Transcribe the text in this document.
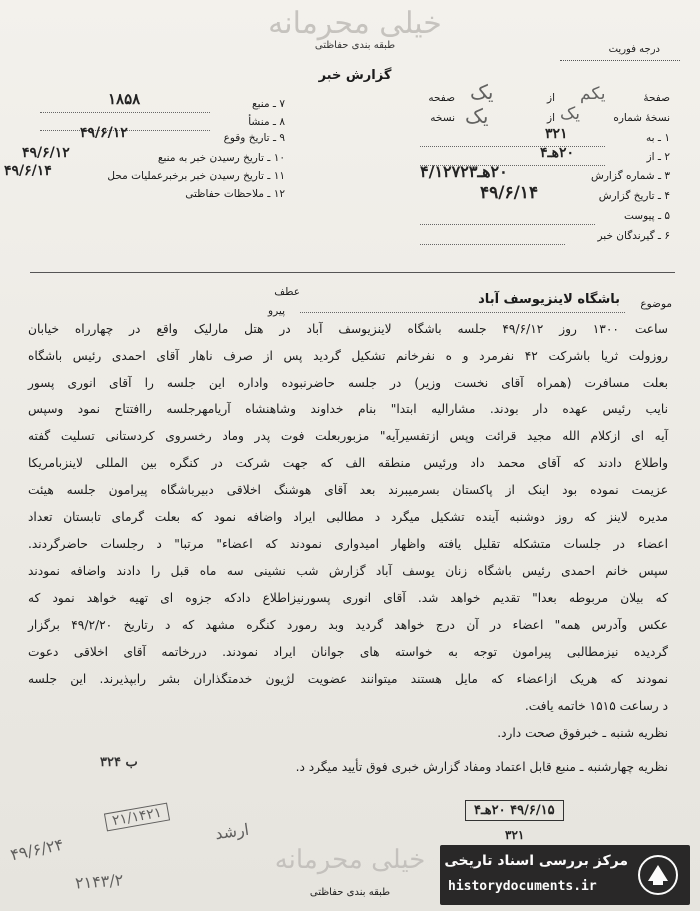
خیلی محرمانه
طبقه بندی حفاظتی
گزارش خبر
درجه فوریت
۷ ـ منبع
۱۸۵۸
۸ ـ منشأ
۹ ـ تاریخ وقوع
۴۹/۶/۱۲
۱۰ ـ تاریخ رسیدن خبر به منبع
۴۹/۶/۱۲
۱۱ ـ تاریخ رسیدن خبر برخبرعملیات محل
۴۹/۶/۱۴
۱۲ ـ ملاحظات حفاظتی
صفحهٔ
یکم
از
یک
صفحه
نسخهٔ شماره
یک
از
یک
نسخه
۱ ـ به
۳۲۱
۲ ـ از
۲۰هـ۴
۳ ـ شماره گزارش
۲۰هـ۴/۱۲۷۲۳
۴ ـ تاریخ گزارش
۴۹/۶/۱۴
۵ ـ پیوست
۶ ـ گیرندگان خبر
عطف
پیرو
موضوع
باشگاه لاینزیوسف آباد
ساعت ۱۳۰۰ روز ۴۹/۶/۱۲ جلسه باشگاه لاینزیوسف آباد در هتل مارلیک واقع در چهارراه خیابان
روزولت ثریا باشرکت ۴۲ نفرمرد و ه نفرخانم تشکیل گردید پس از صرف ناهار آقای احمدی رئیس باشگاه
بعلت مسافرت (همراه آقای نخست وزیر) در جلسه حاضرنبوده واداره این جلسه را آقای انوری پسور
نایب رئیس عهده دار بودند. مشارالیه ابتدا" بنام خداوند وشاهنشاه آریامهرجلسه راافتتاح نمود وسپس
آیه ای ازکلام الله مجید قرائت وپس ازتفسیرآیه" مزبوربعلت فوت پدر وماد رخسروی کردستانی تسلیت گفته
واطلاع دادند که آقای محمد داد ورئیس منطقه الف که جهت شرکت در کنگره بین المللی لاینزبامریکا
عزیمت نموده بود اینک از پاکستان بسرمیبرند بعد آقای هوشنگ اخلاقی دبیرباشگاه پیرامون جلسه هیئت
مدیره لاینز که روز دوشنبه آینده تشکیل میگرد د مطالبی ایراد واضافه نمود که بعلت گرمای تابستان تعداد
اعضاء در جلسات متشکله تقلیل یافته واظهار امیدواری نمودند که اعضاء" مرتبا" د رجلسات حاضرگردند.
سپس خانم احمدی رئیس باشگاه زنان یوسف آباد گزارش شب نشینی سه ماه قبل را دادند واضافه نمودند
که بیلان مربوطه بعدا" تقدیم خواهد شد. آقای انوری پسورنیزاطلاع دادکه جزوه ای تهیه خواهد نمود که
عکس وآدرس همه" اعضاء در آن درج خواهد گردید وبد رمورد کنگره مشهد که د رتاریخ ۴۹/۲/۲۰ برگزار
گردیده نیزمطالبی پیرامون توجه به خواسته های جوانان ایراد نمودند. دررخاتمه آقای اخلاقی دعوت
نمودند که هریک ازاعضاء که مایل هستند میتوانند عضویت لژیون خدمتگذاران بشر رابپذیرند. این جلسه
د رساعت ۱۵۱۵ خاتمه یافت.
نظریه شنبه ـ خبرفوق صحت دارد.
نظریه چهارشنبه ـ منبع قابل اعتماد ومفاد گزارش خبری فوق تأیید میگرد د.
ب ۳۲۴
۴۹/۶/۱۵ ۲۰هـ۴
۳۲۱
۲۱/۱۴۲۱
ارشد
۴۹/۶/۲۴
۲۱۴۳/۲
خیلی محرمانه
طبقه بندی حفاظتی
مرکز بررسی اسناد تاریخی
historydocuments.ir
